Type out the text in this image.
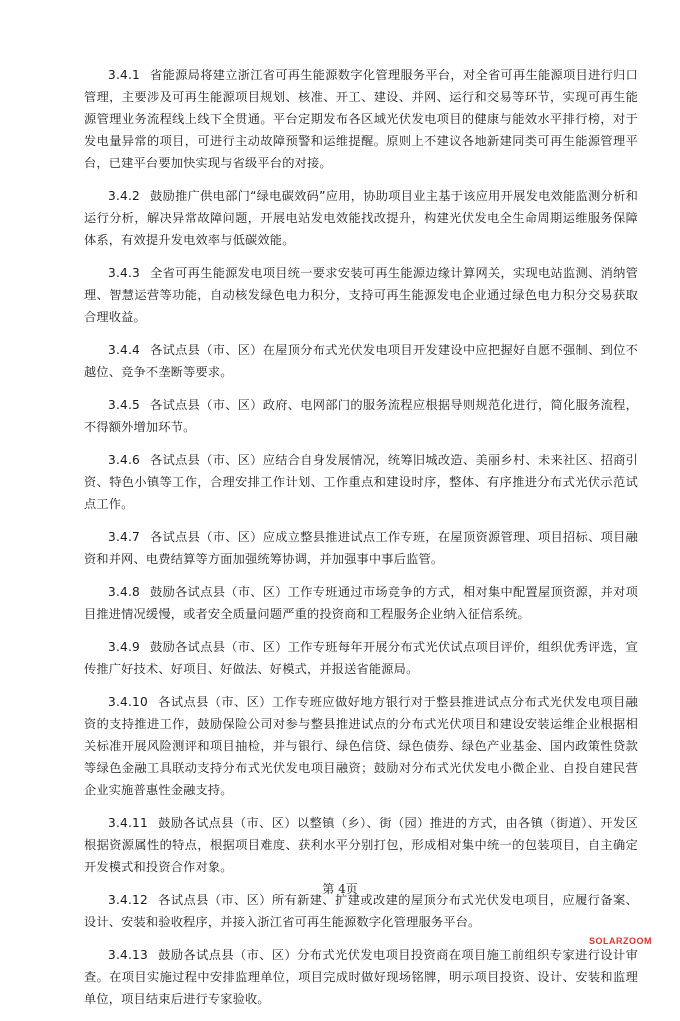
3.4.1 省能源局将建立浙江省可再生能源数字化管理服务平台，对全省可再生能源项目进行归口管理，主要涉及可再生能源项目规划、核准、开工、建设、并网、运行和交易等环节，实现可再生能源管理业务流程线上线下全贯通。平台定期发布各区域光伏发电项目的健康与能效水平排行榜，对于发电量异常的项目，可进行主动故障预警和运维提醒。原则上不建议各地新建同类可再生能源管理平台，已建平台要加快实现与省级平台的对接。

3.4.2 鼓励推广供电部门“绿电碳效码”应用，协助项目业主基于该应用开展发电效能监测分析和运行分析，解决异常故障问题，开展电站发电效能找改提升，构建光伏发电全生命周期运维服务保障体系，有效提升发电效率与低碳效能。

3.4.3 全省可再生能源发电项目统一要求安装可再生能源边缘计算网关，实现电站监测、消纳管理、智慧运营等功能，自动核发绿色电力积分，支持可再生能源发电企业通过绿色电力积分交易获取合理收益。

3.4.4 各试点县（市、区）在屋顶分布式光伏发电项目开发建设中应把握好自愿不强制、到位不越位、竞争不垄断等要求。

3.4.5 各试点县（市、区）政府、电网部门的服务流程应根据导则规范化进行，简化服务流程，不得额外增加环节。

3.4.6 各试点县（市、区）应结合自身发展情况，统筹旧城改造、美丽乡村、未来社区、招商引资、特色小镇等工作，合理安排工作计划、工作重点和建设时序，整体、有序推进分布式光伏示范试点工作。

3.4.7 各试点县（市、区）应成立整县推进试点工作专班，在屋顶资源管理、项目招标、项目融资和并网、电费结算等方面加强统筹协调，并加强事中事后监管。

3.4.8 鼓励各试点县（市、区）工作专班通过市场竞争的方式，相对集中配置屋顶资源，并对项目推进情况缓慢，或者安全质量问题严重的投资商和工程服务企业纳入征信系统。

3.4.9 鼓励各试点县（市、区）工作专班每年开展分布式光伏试点项目评价，组织优秀评选，宣传推广好技术、好项目、好做法、好模式，并报送省能源局。

3.4.10 各试点县（市、区）工作专班应做好地方银行对于整县推进试点分布式光伏发电项目融资的支持推进工作，鼓励保险公司对参与整县推进试点的分布式光伏项目和建设安装运维企业根据相关标准开展风险测评和项目抽检，并与银行、绿色信贷、绿色债券、绿色产业基金、国内政策性贷款等绿色金融工具联动支持分布式光伏发电项目融资；鼓励对分布式光伏发电小微企业、自投自建民营企业实施普惠性金融支持。

3.4.11 鼓励各试点县（市、区）以整镇（乡）、街（园）推进的方式，由各镇（街道）、开发区根据资源属性的特点，根据项目难度、获利水平分别打包，形成相对集中统一的包装项目，自主确定开发模式和投资合作对象。

3.4.12 各试点县（市、区）所有新建、扩建或改建的屋顶分布式光伏发电项目，应履行备案、设计、安装和验收程序，并接入浙江省可再生能源数字化管理服务平台。

3.4.13 鼓励各试点县（市、区）分布式光伏发电项目投资商在项目施工前组织专家进行设计审查。在项目实施过程中安排监理单位，项目完成时做好现场铭牌，明示项目投资、设计、安装和监理单位，项目结束后进行专家验收。

第 4页
SOLARZOOM
